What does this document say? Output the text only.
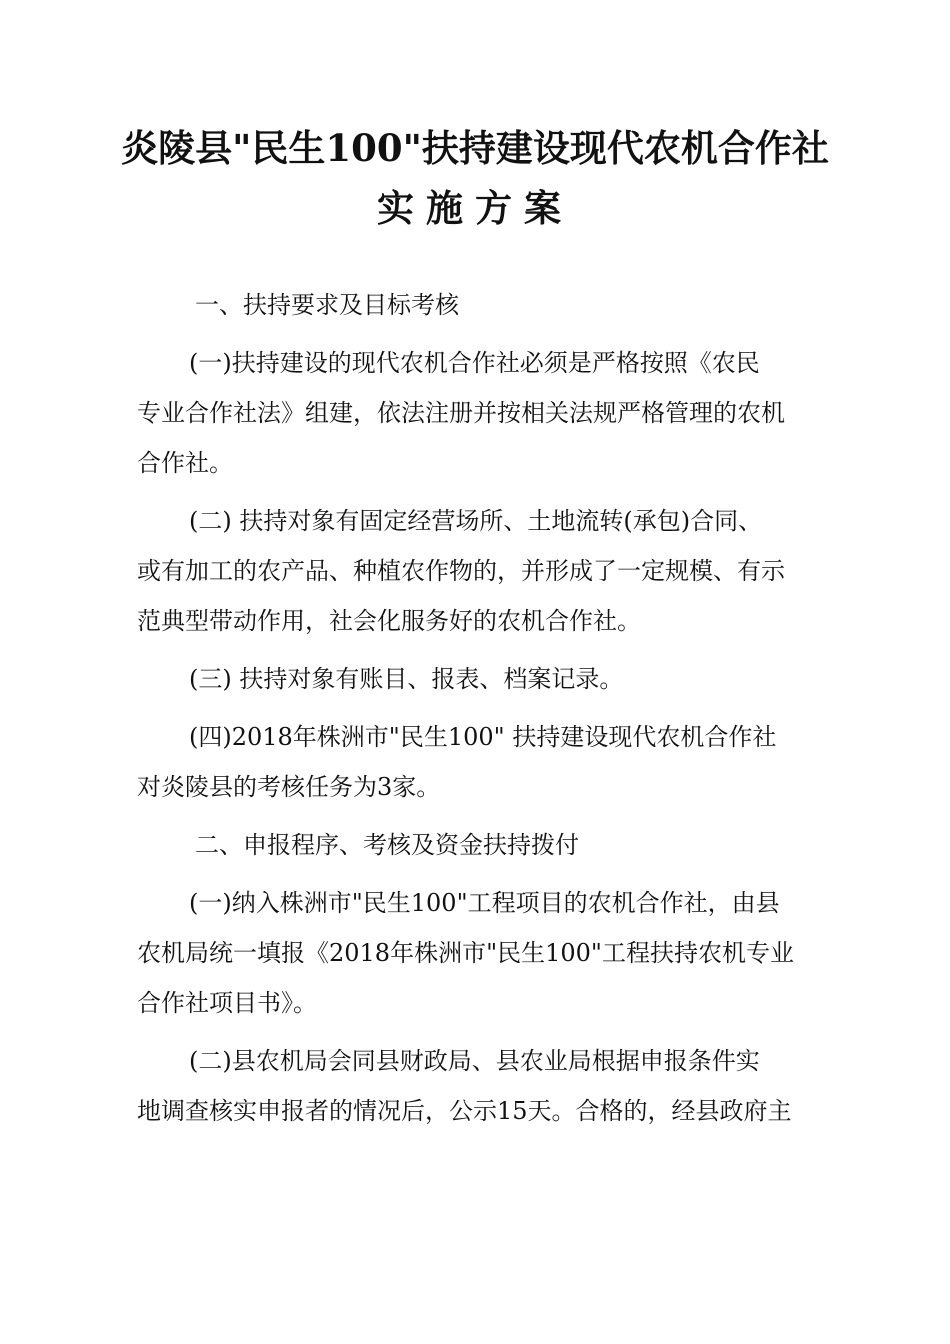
炎陵县"民生100"扶持建设现代农机合作社
实施方案

一、扶持要求及目标考核

(一)扶持建设的现代农机合作社必须是严格按照《农民
专业合作社法》组建，依法注册并按相关法规严格管理的农机
合作社。

(二) 扶持对象有固定经营场所、土地流转(承包)合同、
或有加工的农产品、种植农作物的，并形成了一定规模、有示
范典型带动作用，社会化服务好的农机合作社。

(三) 扶持对象有账目、报表、档案记录。

(四)2018年株洲市"民生100" 扶持建设现代农机合作社
对炎陵县的考核任务为3家。

二、申报程序、考核及资金扶持拨付

(一)纳入株洲市"民生100"工程项目的农机合作社，由县
农机局统一填报《2018年株洲市"民生100"工程扶持农机专业
合作社项目书》。

(二)县农机局会同县财政局、县农业局根据申报条件实
地调查核实申报者的情况后，公示15天。合格的，经县政府主
